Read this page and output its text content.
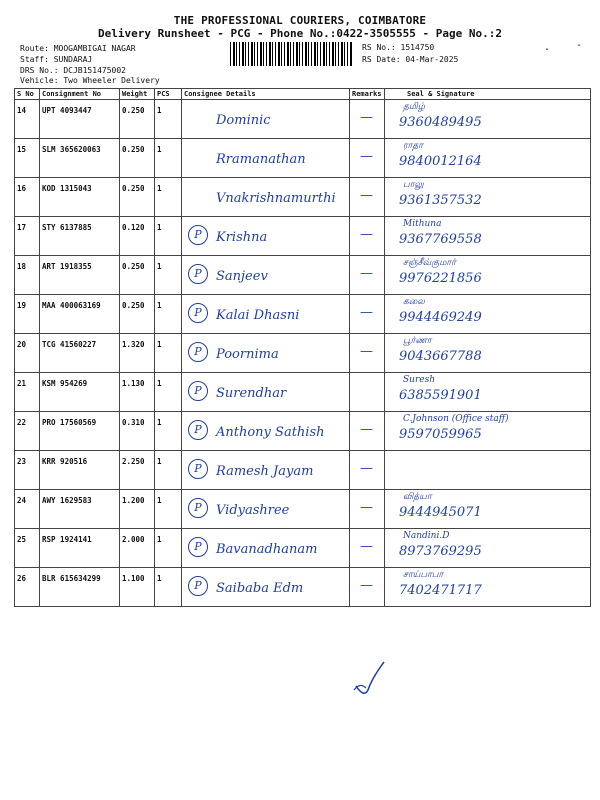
THE PROFESSIONAL COURIERS, COIMBATORE
Delivery Runsheet - PCG - Phone No.:0422-3505555 - Page No.:2
Route: MOOGAMBIGAI NAGAR
Staff: SUNDARAJ
DRS No.: DCJB151475002
Vehicle: Two Wheeler Delivery
RS No.: 1514750
RS Date: 04-Mar-2025
.	-
S No	Consignment No	Weight	PCS	Consignee Details	Remarks	Seal & Signature
14	UPT 4093447	0.250	1	Dominic	—	தமிழ்
9360489495

15	SLM 365620063	0.250	1	Rramanathan	—	ராதா
9840012164

16	KOD 1315043	0.250	1	Vnakrishnamurthi	—	பாலு
9361357532

17	STY 6137885	0.120	1	P Krishna	—	Mithuna
9367769558

18	ART 1918355	0.250	1	P Sanjeev	—	சஞ்சீவ்குமார்
9976221856

19	MAA 400063169	0.250	1	P Kalai Dhasni	—	கலை
9944469249

20	TCG 41560227	1.320	1	P Poornima	—	பூர்ணா
9043667788

21	KSM 954269	1.130	1	P Surendhar		Suresh
6385591901

22	PRO 17560569	0.310	1	P Anthony Sathish	—	C.Johnson (Office staff)
9597059965

23	KRR 920516	2.250	1	P Ramesh Jayam	—	

24	AWY 1629583	1.200	1	P Vidyashree	—	வித்யா
9444945071

25	RSP 1924141	2.000	1	P Bavanadhanam	—	Nandini.D
8973769295

26	BLR 615634299	1.100	1	P Saibaba Edm	—	சாய்பாபா
7402471717
